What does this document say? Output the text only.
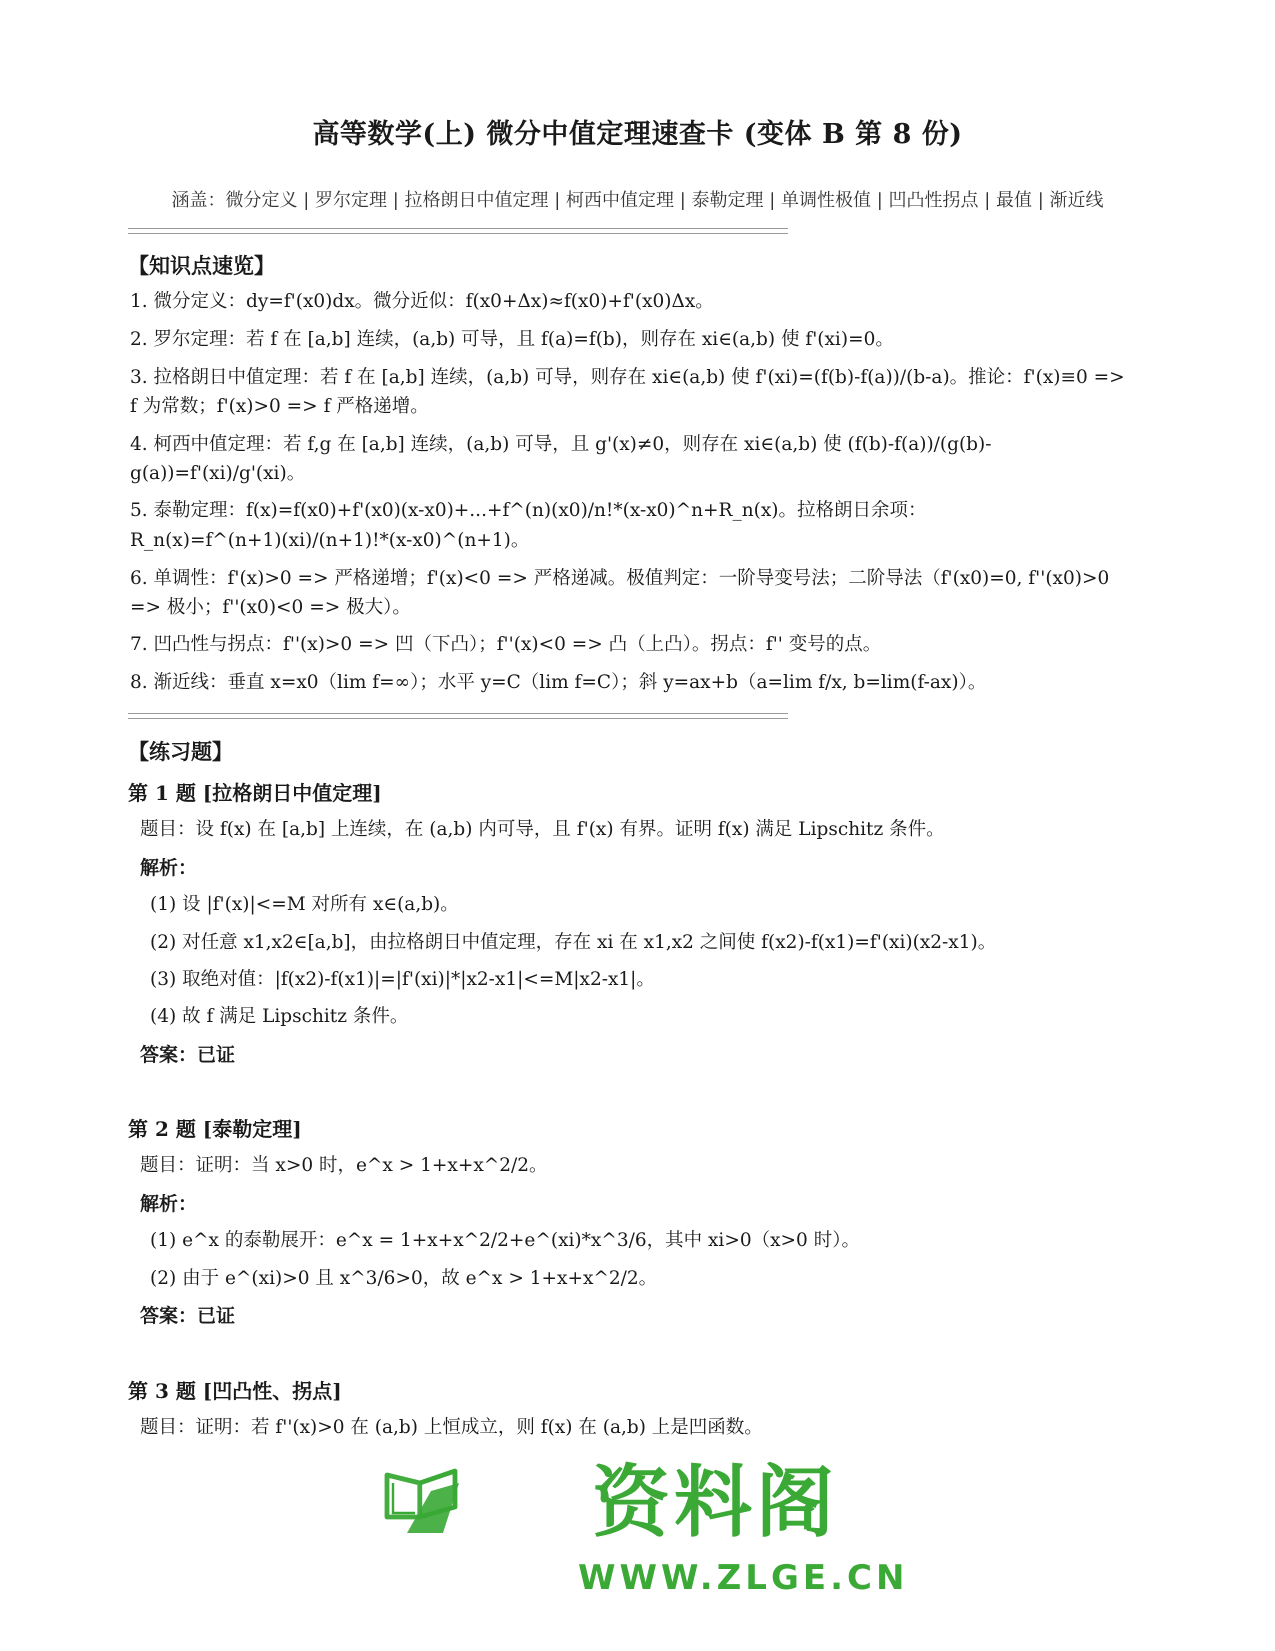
高等数学(上) 微分中值定理速查卡 (变体 B 第 8 份)
涵盖：微分定义 | 罗尔定理 | 拉格朗日中值定理 | 柯西中值定理 | 泰勒定理 | 单调性极值 | 凹凸性拐点 | 最值 | 渐近线
【知识点速览】
1. 微分定义：dy=f'(x0)dx。微分近似：f(x0+Δx)≈f(x0)+f'(x0)Δx。
2. 罗尔定理：若 f 在 [a,b] 连续，(a,b) 可导，且 f(a)=f(b)，则存在 xi∈(a,b) 使 f'(xi)=0。
3. 拉格朗日中值定理：若 f 在 [a,b] 连续，(a,b) 可导，则存在 xi∈(a,b) 使 f'(xi)=(f(b)-f(a))/(b-a)。推论：f'(x)≡0 =>
f 为常数；f'(x)>0 => f 严格递增。
4. 柯西中值定理：若 f,g 在 [a,b] 连续，(a,b) 可导，且 g'(x)≠0，则存在 xi∈(a,b) 使 (f(b)-f(a))/(g(b)-
g(a))=f'(xi)/g'(xi)。
5. 泰勒定理：f(x)=f(x0)+f'(x0)(x-x0)+...+f^(n)(x0)/n!*(x-x0)^n+R_n(x)。拉格朗日余项：
R_n(x)=f^(n+1)(xi)/(n+1)!*(x-x0)^(n+1)。
6. 单调性：f'(x)>0 => 严格递增；f'(x)<0 => 严格递减。极值判定：一阶导变号法；二阶导法（f'(x0)=0, f''(x0)>0
=> 极小；f''(x0)<0 => 极大）。
7. 凹凸性与拐点：f''(x)>0 => 凹（下凸）；f''(x)<0 => 凸（上凸）。拐点：f'' 变号的点。
8. 渐近线：垂直 x=x0（lim f=∞）；水平 y=C（lim f=C）；斜 y=ax+b（a=lim f/x, b=lim(f-ax)）。
【练习题】
第 1 题 [拉格朗日中值定理]
题目：设 f(x) 在 [a,b] 上连续，在 (a,b) 内可导，且 f'(x) 有界。证明 f(x) 满足 Lipschitz 条件。
解析：
(1) 设 |f'(x)|<=M 对所有 x∈(a,b)。
(2) 对任意 x1,x2∈[a,b]，由拉格朗日中值定理，存在 xi 在 x1,x2 之间使 f(x2)-f(x1)=f'(xi)(x2-x1)。
(3) 取绝对值：|f(x2)-f(x1)|=|f'(xi)|*|x2-x1|<=M|x2-x1|。
(4) 故 f 满足 Lipschitz 条件。
答案：已证
第 2 题 [泰勒定理]
题目：证明：当 x>0 时，e^x > 1+x+x^2/2。
解析：
(1) e^x 的泰勒展开：e^x = 1+x+x^2/2+e^(xi)*x^3/6，其中 xi>0（x>0 时）。
(2) 由于 e^(xi)>0 且 x^3/6>0，故 e^x > 1+x+x^2/2。
答案：已证
第 3 题 [凹凸性、拐点]
题目：证明：若 f''(x)>0 在 (a,b) 上恒成立，则 f(x) 在 (a,b) 上是凹函数。
资料阁
WWW.ZLGE.CN
